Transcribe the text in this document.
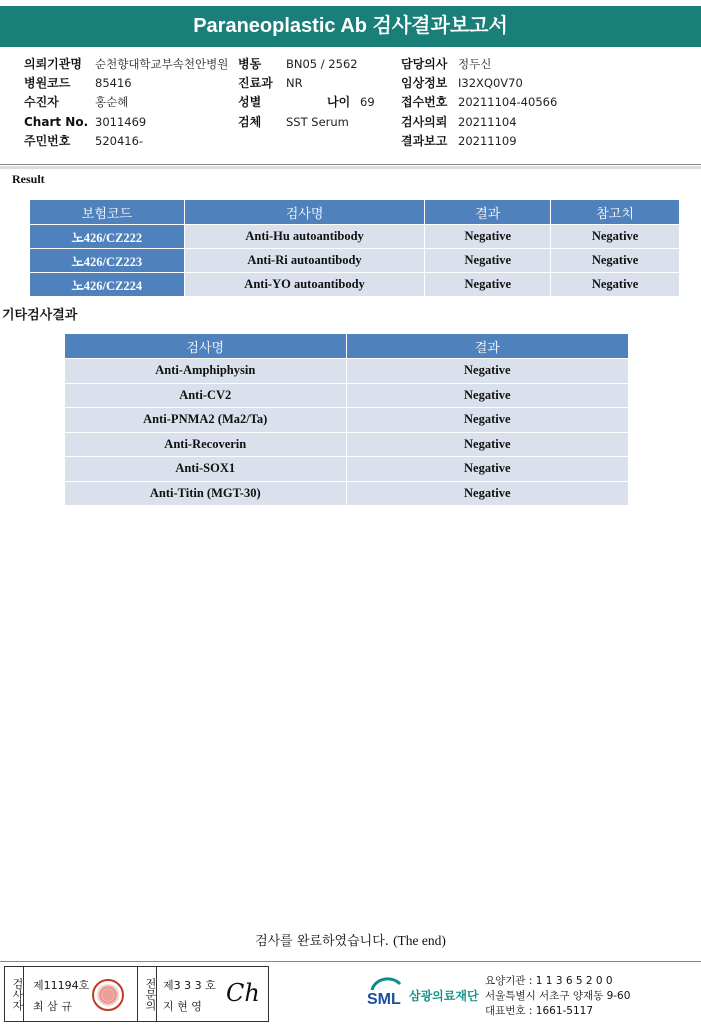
Paraneoplastic Ab 검사결과보고서
의뢰기관명 순천향대학교부속천안병원 병동 BN05 / 2562	담당의사 정두신
병원코드 85416	진료과 NR	임상정보 I32XQ0V70
수진자	홍순혜	성별	나이 69 접수번호 20211104-40566
Chart No. 3011469	검체 SST Serum	검사의뢰 20211104
주민번호 520416-	결과보고 20211109
Result
보험코드	검사명	결과	참고치
노426/CZ222	Anti-Hu autoantibody	Negative	Negative
노426/CZ223	Anti-Ri autoantibody	Negative	Negative
노426/CZ224	Anti-YO autoantibody	Negative	Negative
기타검사결과
검사명	결과
Anti-Amphiphysin	Negative
Anti-CV2	Negative
Anti-PNMA2 (Ma2/Ta)	Negative
Anti-Recoverin	Negative
Anti-SOX1	Negative
Anti-Titin (MGT-30)	Negative
검사를 완료하였습니다. (The end)
검사자	전문의
제11194호
최 삼 규
제3 3 3 호
지 현 영 Ch	SML 삼광의료재단
요양기관 : 1 1 3 6 5 2 0 0
서울특별시 서초구 양재동 9-60
대표번호 : 1661-5117
